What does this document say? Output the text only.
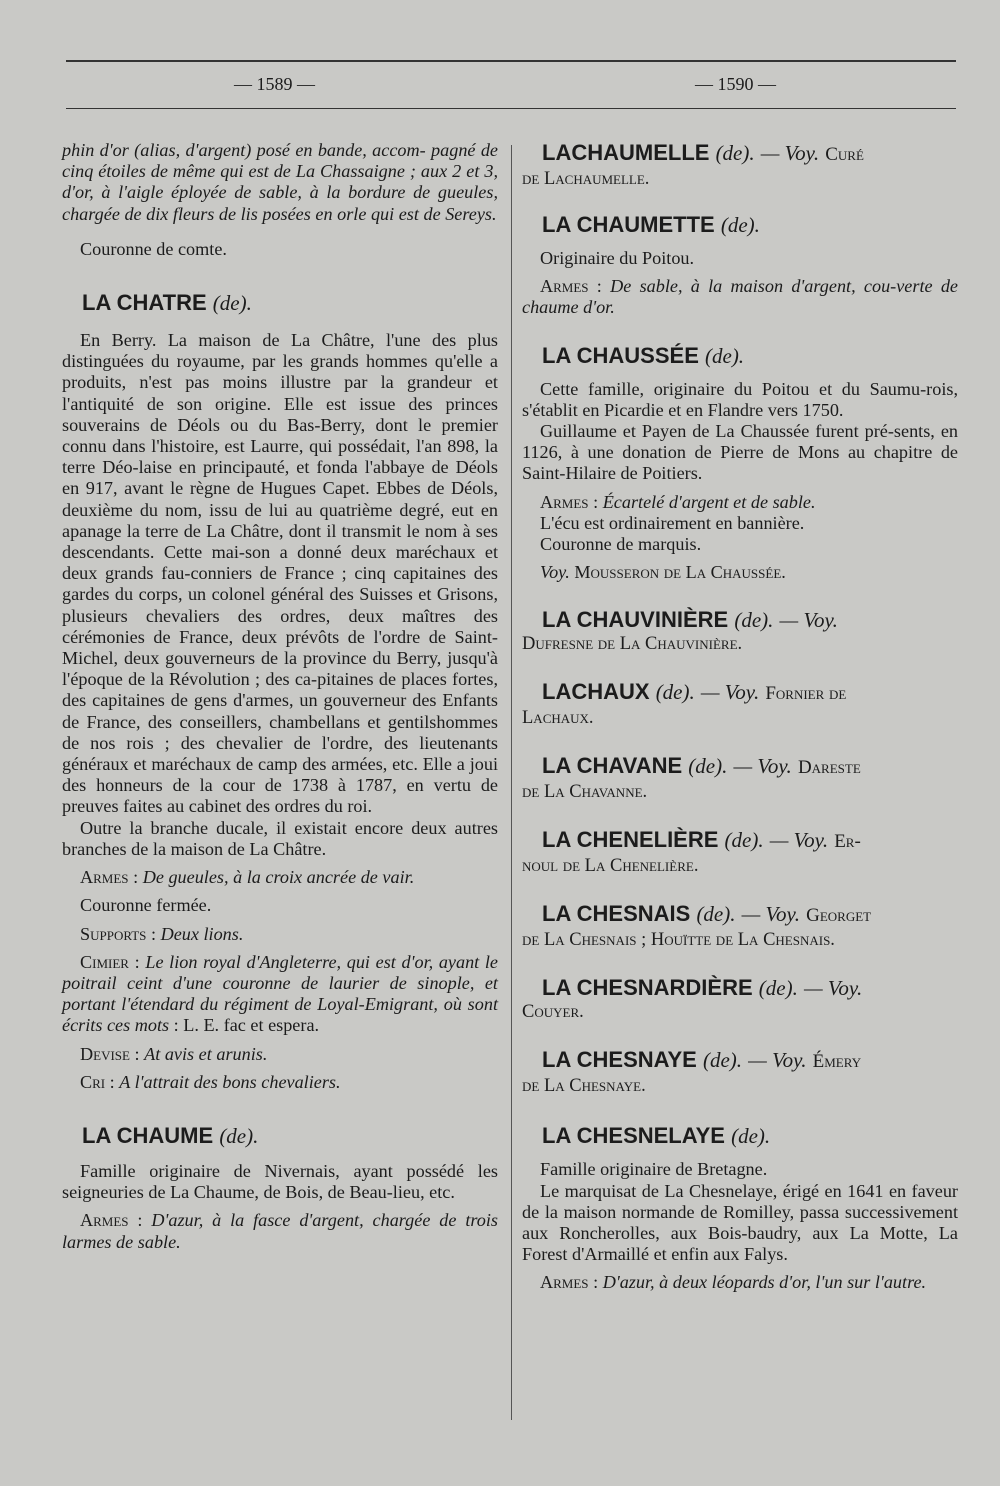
— 1589 —	— 1590 —

phin d'or (alias, d'argent) posé en bande, accom- pagné de cinq étoiles de même qui est de La Chassaigne ; aux 2 et 3, d'or, à l'aigle éployée de sable, à la bordure de gueules, chargée de dix fleurs de lis posées en orle qui est de Sereys.

Couronne de comte.

LA CHATRE (de).

En Berry. La maison de La Châtre, l'une des plus distinguées du royaume, par les grands hommes qu'elle a produits, n'est pas moins illustre par la grandeur et l'antiquité de son origine. Elle est issue des princes souverains de Déols ou du Bas-Berry, dont le premier connu dans l'histoire, est Laurre, qui possédait, l'an 898, la terre Déo-laise en principauté, et fonda l'abbaye de Déols en 917, avant le règne de Hugues Capet. Ebbes de Déols, deuxième du nom, issu de lui au quatrième degré, eut en apanage la terre de La Châtre, dont il transmit le nom à ses descendants. Cette mai-son a donné deux maréchaux et deux grands fau-conniers de France ; cinq capitaines des gardes du corps, un colonel général des Suisses et Grisons, plusieurs chevaliers des ordres, deux maîtres des cérémonies de France, deux prévôts de l'ordre de Saint-Michel, deux gouverneurs de la province du Berry, jusqu'à l'époque de la Révolution ; des ca-pitaines de places fortes, des capitaines de gens d'armes, un gouverneur des Enfants de France, des conseillers, chambellans et gentilshommes de nos rois ; des chevalier de l'ordre, des lieutenants généraux et maréchaux de camp des armées, etc. Elle a joui des honneurs de la cour de 1738 à 1787, en vertu de preuves faites au cabinet des ordres du roi.

Outre la branche ducale, il existait encore deux autres branches de la maison de La Châtre.

Armes : De gueules, à la croix ancrée de vair.

Couronne fermée.

Supports : Deux lions.

Cimier : Le lion royal d'Angleterre, qui est d'or, ayant le poitrail ceint d'une couronne de laurier de sinople, et portant l'étendard du régiment de Loyal-Emigrant, où sont écrits ces mots : L. E. fac et espera.

Devise : At avis et arunis.

Cri : A l'attrait des bons chevaliers.

LA CHAUME (de).

Famille originaire de Nivernais, ayant possédé les seigneuries de La Chaume, de Bois, de Beau-lieu, etc.

Armes : D'azur, à la fasce d'argent, chargée de trois larmes de sable.

LACHAUMELLE (de). — Voy. Curé

de Lachaumelle.

LA CHAUMETTE (de).

Originaire du Poitou.

Armes : De sable, à la maison d'argent, cou-verte de chaume d'or.

LA CHAUSSÉE (de).

Cette famille, originaire du Poitou et du Saumu-rois, s'établit en Picardie et en Flandre vers 1750.

Guillaume et Payen de La Chaussée furent pré-sents, en 1126, à une donation de Pierre de Mons au chapitre de Saint-Hilaire de Poitiers.

Armes : Écartelé d'argent et de sable.

L'écu est ordinairement en bannière.

Couronne de marquis.

Voy. Mousseron de La Chaussée.

LA CHAUVINIÈRE (de). — Voy.

Dufresne de La Chauvinière.

LACHAUX (de). — Voy. Fornier de

Lachaux.

LA CHAVANE (de). — Voy. Dareste

de La Chavanne.

LA CHENELIÈRE (de). — Voy. Er-

noul de La Chenelière.

LA CHESNAIS (de). — Voy. Georget

de La Chesnais ; Houïtte de La Chesnais.

LA CHESNARDIÈRE (de). — Voy.

Couyer.

LA CHESNAYE (de). — Voy. Émery

de La Chesnaye.

LA CHESNELAYE (de).

Famille originaire de Bretagne.

Le marquisat de La Chesnelaye, érigé en 1641 en faveur de la maison normande de Romilley, passa successivement aux Roncherolles, aux Bois-baudry, aux La Motte, La Forest d'Armaillé et enfin aux Falys.

Armes : D'azur, à deux léopards d'or, l'un sur l'autre.
